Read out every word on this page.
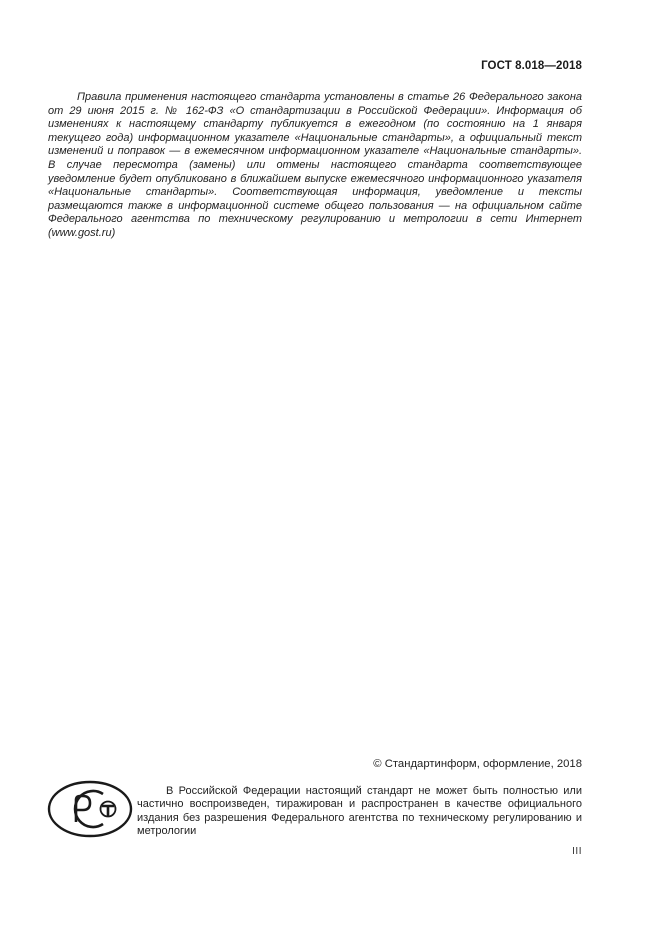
ГОСТ 8.018—2018

Правила применения настоящего стандарта установлены в статье 26 Федерального закона от 29 июня 2015 г. № 162-ФЗ «О стандартизации в Российской Федерации». Информация об изменениях к настоящему стандарту публикуется в ежегодном (по состоянию на 1 января текущего года) информационном указателе «Национальные стандарты», а официальный текст изменений и поправок — в ежемесячном информационном указателе «Национальные стандарты». В случае пересмотра (замены) или отмены настоящего стандарта соответствующее уведомление будет опубликовано в ближайшем выпуске ежемесячного информационного указателя «Национальные стандарты». Соответствующая информация, уведомление и тексты размещаются также в информационной системе общего пользования — на официальном сайте Федерального агентства по техническому регулированию и метрологии в сети Интернет (www.gost.ru)

© Стандартинформ, оформление, 2018

В Российской Федерации настоящий стандарт не может быть полностью или частично воспроизведен, тиражирован и распространен в качестве официального издания без разрешения Федерального агентства по техническому регулированию и метрологии

III
